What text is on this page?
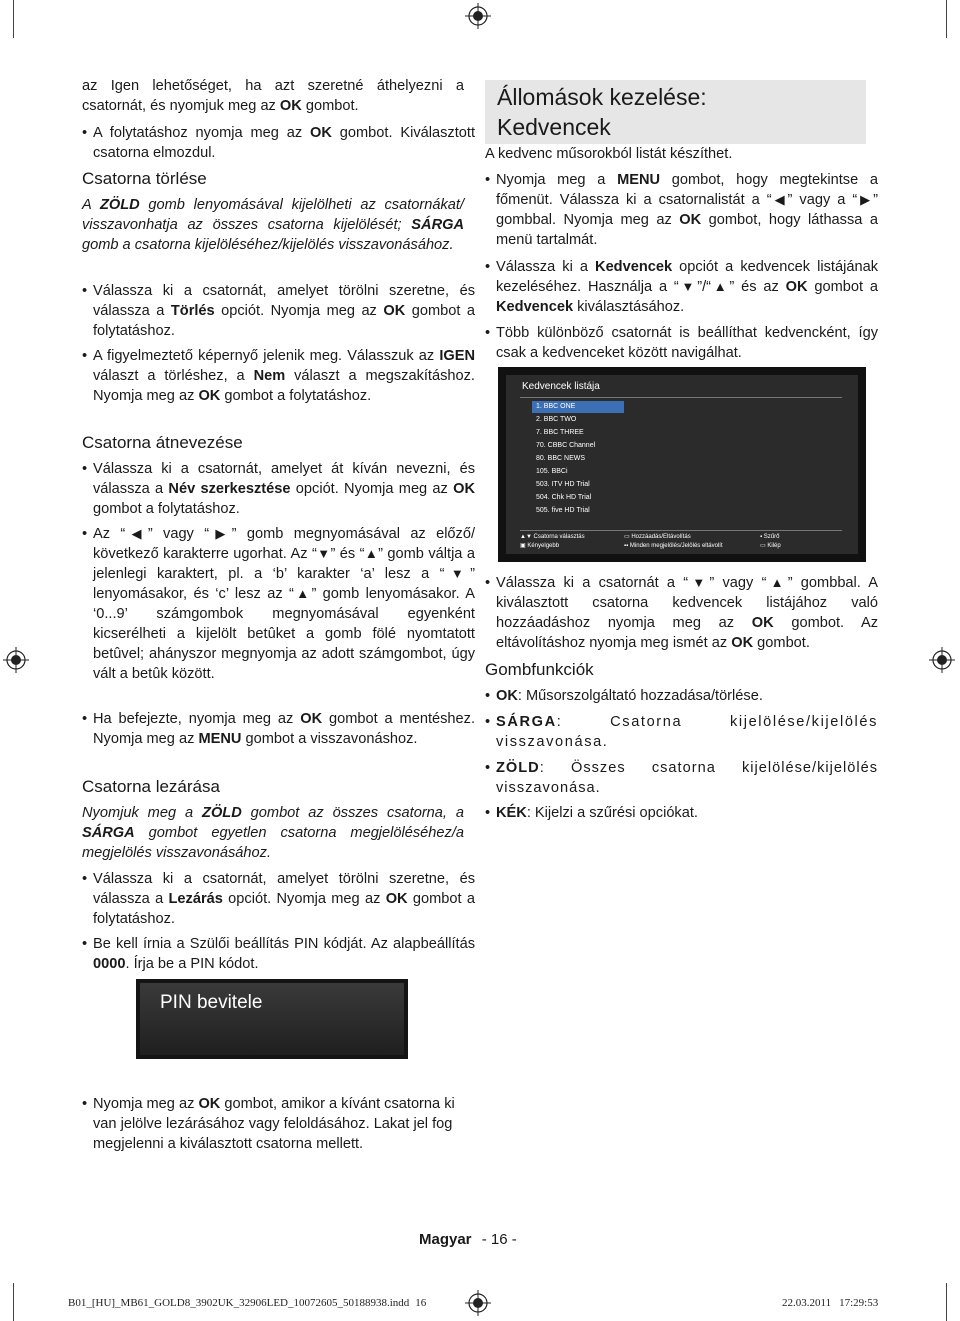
az Igen lehetőséget, ha azt szeretné áthelyezni a csatornát, és nyomjuk meg az OK gombot.

• A folytatáshoz nyomja meg az OK gombot. Kiválasztott csatorna elmozdul.
Csatorna törlése

A ZÖLD gomb lenyomásával kijelölheti az csatornákat/ visszavonhatja az összes csatorna kijelölését; SÁRGA gomb a csatorna kijelöléséhez/kijelölés visszavonásához.

• Válassza ki a csatornát, amelyet törölni szeretne, és válassza a Törlés opciót. Nyomja meg az OK gombot a folytatáshoz.
• A figyelmeztető képernyő jelenik meg. Válasszuk az IGEN választ a törléshez, a Nem választ a megszakításhoz. Nyomja meg az OK gombot a folytatáshoz.
Csatorna átnevezése
• Válassza ki a csatornát, amelyet át kíván nevezni, és válassza a Név szerkesztése opciót. Nyomja meg az OK gombot a folytatáshoz.
• Az “◀” vagy “▶” gomb megnyomásával az előző/ következő karakterre ugorhat. Az “▼” és “▲” gomb váltja a jelenlegi karaktert, pl. a ‘b’ karakter ‘a’ lesz a “▼” lenyomásakor, és ‘c’ lesz az “▲” gomb lenyomásakor. A ‘0...9’ számgombok megnyomásával egyenként kicserélheti a kijelölt betûket a gomb fölé nyomtatott betûvel; ahányszor megnyomja az adott számgombot, úgy vált a betûk között.
• Ha befejezte, nyomja meg az OK gombot a mentéshez. Nyomja meg az MENU gombot a visszavonáshoz.
Csatorna lezárása

Nyomjuk meg a ZÖLD gombot az összes csatorna, a SÁRGA gombot egyetlen csatorna megjelöléséhez/a megjelölés visszavonásához.

• Válassza ki a csatornát, amelyet törölni szeretne, és válassza a Lezárás opciót. Nyomja meg az OK gombot a folytatáshoz.
• Be kell írnia a Szülői beállítás PIN kódját. Az alapbeállítás 0000. Írja be a PIN kódot.
PIN bevitele
• Nyomja meg az OK gombot, amikor a kívánt csatorna ki van jelölve lezárásához vagy feloldásához. Lakat jel fog megjelenni a kiválasztott csatorna mellett.
Állomások kezelése:
Kedvencek

A kedvenc műsorokból listát készíthet.

• Nyomja meg a MENU gombot, hogy megtekintse a főmenüt. Válassza ki a csatornalistát a “◀” vagy a “▶” gombbal. Nyomja meg az OK gombot, hogy láthassa a menü tartalmát.
• Válassza ki a Kedvencek opciót a kedvencek listájának kezeléséhez. Használja a “▼”/“▲” és az OK gombot a Kedvencek kiválasztásához.
• Több különböző csatornát is beállíthat kedvencként, így csak a kedvenceket között navigálhat.
• Válassza ki a csatornát a “▼” vagy “▲” gombbal. A kiválasztott csatorna kedvencek listájához való hozzáadáshoz nyomja meg az OK gombot. Az eltávolításhoz nyomja meg ismét az OK gombot.
Gombfunkciók
• OK: Műsorszolgáltató hozzadása/törlése.
• SÁRGA: Csatorna kijelölése/kijelölés visszavonása.
• ZÖLD: Összes csatorna kijelölése/kijelölés visszavonása.
• KÉK: Kijelzi a szűrési opciókat.
Kedvencek listája
1. BBC ONE
2. BBC TWO
7. BBC THREE
70. CBBC Channel
80. BBC NEWS
105. BBCi
503. ITV HD Trial
504. Chk HD Trial
505. five HD Trial
▲▼ Csatorna választás
▣ Kényelgebb
▭ Hozzáadás/Eltávolítás
▪▪ Minden megjelölés/Jelölés eltávolít
▪ Szűrő
▭ Kilép
Magyar - 16 -
B01_[HU]_MB61_GOLD8_3902UK_32906LED_10072605_50188938.indd 16	22.03.2011 17:29:53
